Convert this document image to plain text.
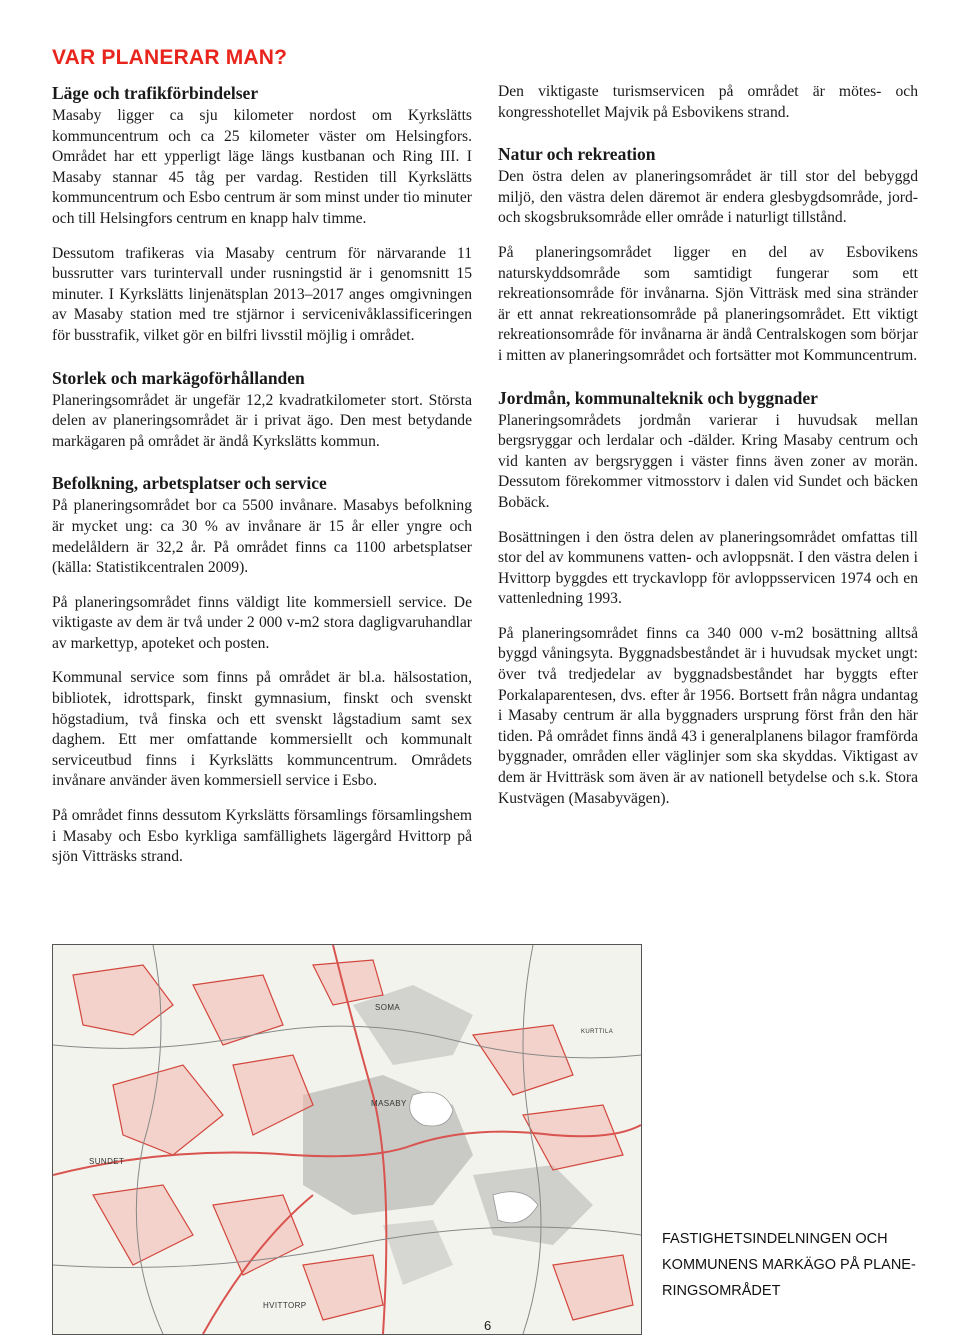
VAR PLANERAR MAN?
Läge och trafikförbindelser

Masaby ligger ca sju kilometer nordost om Kyrkslätts kommuncentrum och ca 25 kilometer väster om Helsingfors. Området har ett ypperligt läge längs kustbanan och Ring III. I Masaby stannar 45 tåg per vardag. Restiden till Kyrkslätts kommuncentrum och Esbo centrum är som minst under tio minuter och till Helsingfors centrum en knapp halv timme.

Dessutom trafikeras via Masaby centrum för närvarande 11 bussrutter vars turintervall under rusningstid är i genomsnitt 15 minuter. I Kyrkslätts linjenätsplan 2013–2017 anges omgivningen av Masaby station med tre stjärnor i servicenivåklassificeringen för busstrafik, vilket gör en bilfri livsstil möjlig i området.

Storlek och markägoförhållanden

Planeringsområdet är ungefär 12,2 kvadratkilometer stort. Största delen av planeringsområdet är i privat ägo. Den mest betydande markägaren på området är ändå Kyrkslätts kommun.

Befolkning, arbetsplatser och service

På planeringsområdet bor ca 5500 invånare. Masabys befolkning är mycket ung: ca 30 % av invånare är 15 år eller yngre och medelåldern är 32,2 år. På området finns ca 1100 arbetsplatser (källa: Statistikcentralen 2009).

På planeringsområdet finns väldigt lite kommersiell service. De viktigaste av dem är två under 2 000 v-m2 stora dagligvaruhandlar av markettyp, apoteket och posten.

Kommunal service som finns på området är bl.a. hälsostation, bibliotek, idrottspark, finskt gymnasium, finskt och svenskt högstadium, två finska och ett svenskt lågstadium samt sex daghem. Ett mer omfattande kommersiellt och kommunalt serviceutbud finns i Kyrkslätts kommuncentrum. Områdets invånare använder även kommersiell service i Esbo.

På området finns dessutom Kyrkslätts församlings församlingshem i Masaby och Esbo kyrkliga samfällighets lägergård Hvittorp på sjön Vitträsks strand.

Den viktigaste turismservicen på området är mötes- och kongresshotellet Majvik på Esbovikens strand.

Natur och rekreation

Den östra delen av planeringsområdet är till stor del bebyggd miljö, den västra delen däremot är endera glesbygdsområde, jord- och skogsbruksområde eller område i naturligt tillstånd.

På planeringsområdet ligger en del av Esbovikens naturskyddsområde som samtidigt fungerar som ett rekreationsområde för invånarna. Sjön Vitträsk med sina stränder är ett annat rekreationsområde på planeringsområdet. Ett viktigt rekreationsområde för invånarna är ändå Centralskogen som börjar i mitten av planeringsområdet och fortsätter mot Kommuncentrum.

Jordmån, kommunalteknik och byggnader

Planeringsområdets jordmån varierar i huvudsak mellan bergsryggar och lerdalar och -dälder. Kring Masaby centrum och vid kanten av bergsryggen i väster finns även zoner av morän. Dessutom förekommer vitmosstorv i dalen vid Sundet och bäcken Bobäck.

Bosättningen i den östra delen av planeringsområdet omfattas till stor del av kommunens vatten- och avloppsnät. I den västra delen i Hvittorp byggdes ett tryckavlopp för avloppsservicen 1974 och en vattenledning 1993.

På planeringsområdet finns ca 340 000 v-m2 bosättning alltså byggd våningsyta. Byggnadsbeståndet är i huvudsak mycket ungt: över två tredjedelar av byggnadsbeståndet har byggts efter Porkalaparentesen, dvs. efter år 1956. Bortsett från några undantag i Masaby centrum är alla byggnaders ursprung först från den här tiden. På området finns ändå 43 i generalplanens bilagor framförda byggnader, områden eller väglinjer som ska skyddas. Viktigast av dem är Hvitträsk som även är av nationell betydelse och s.k. Stora Kustvägen (Masabyvägen).

SOMA
MASABY
KURTTILA
SUNDET
HVITTORP
FASTIGHETSINDELNINGEN OCH
KOMMUNENS MARKÄGO PÅ PLANE-
RINGSOMRÅDET
6
